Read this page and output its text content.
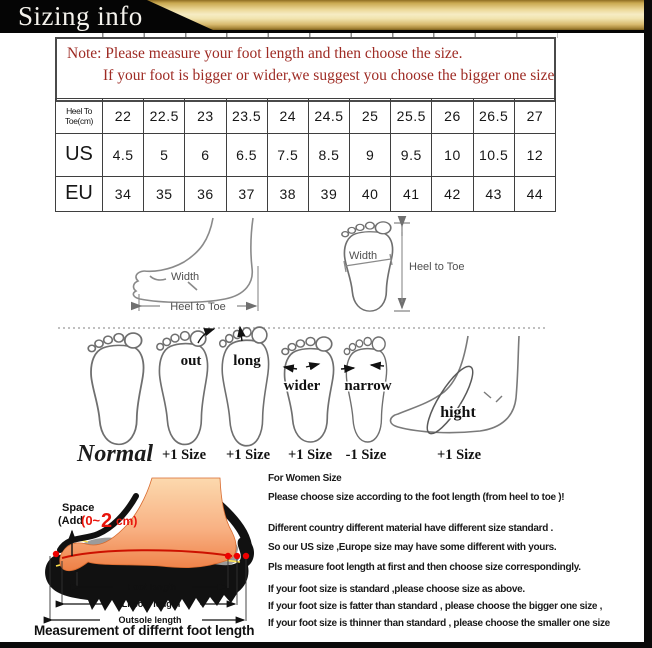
Sizing info
Note: Please measure your foot length and then choose the size.
If your foot is bigger or wider,we suggest you choose the bigger one size
Heel To Toe(cm)	22	22.5	23	23.5	24	24.5	25	25.5	26	26.5	27
US	4.5	5	6	6.5	7.5	8.5	9	9.5	10	10.5	12
EU	34	35	36	37	38	39	40	41	42	43	44
Width
Heel to Toe
Width
Heel to Toe
out long
wider narrow
hight
Normal +1 Size +1 Size +1 Size -1 Size	+1 Size
Space
(Add
(0~ 2 cm)
Foot length
Lnsole length
Outsole length
For Women Size
Please choose size according to the foot length (from heel to toe )!
Different country different material have different size standard .
So our US size ,Europe size may have some different with yours.
Pls measure foot length at first and then choose size correspondingly.
If your foot size is standard ,please choose size as above.
If your foot size is fatter than standard , please choose the bigger one size ,
If your foot size is thinner than standard , please choose the smaller one size
Measurement of differnt foot length
